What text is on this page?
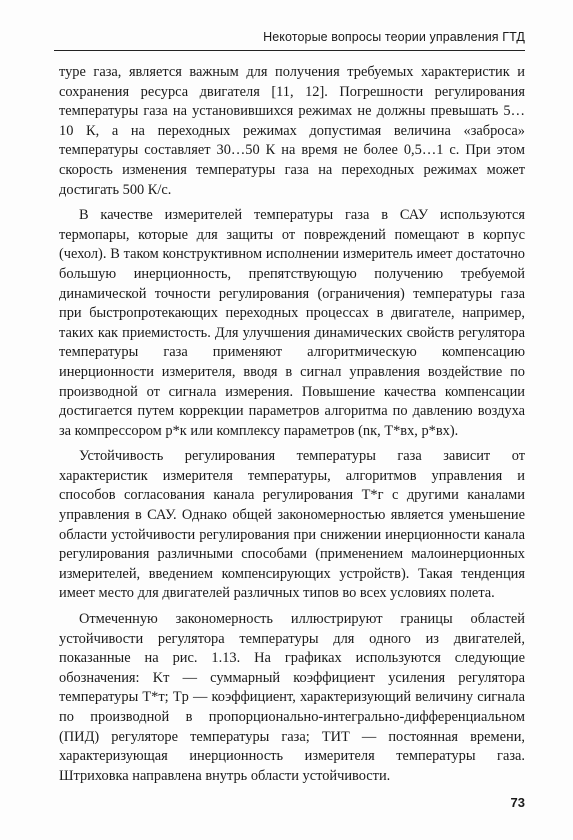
Некоторые вопросы теории управления ГТД

туре газа, является важным для получения требуемых характеристик и сохранения ресурса двигателя [11, 12]. Погрешности регулирования температуры газа на установившихся режимах не должны превышать 5…10 К, а на переходных режимах допустимая величина «заброса» температуры составляет 30…50 К на время не более 0,5…1 с. При этом скорость изменения температуры газа на переходных режимах может достигать 500 К/с.

В качестве измерителей температуры газа в САУ используются термопары, которые для защиты от повреждений помещают в корпус (чехол). В таком конструктивном исполнении измеритель имеет достаточно большую инерционность, препятствующую получению требуемой динамической точности регулирования (ограничения) температуры газа при быстропротекающих переходных процессах в двигателе, например, таких как приемистость. Для улучшения динамических свойств регулятора температуры газа применяют алгоритмическую компенсацию инерционности измерителя, вводя в сигнал управления воздействие по производной от сигнала измерения. Повышение качества компенсации достигается путем коррекции параметров алгоритма по давлению воздуха за компрессором p*к или комплексу параметров (nк, T*вх, p*вх).

Устойчивость регулирования температуры газа зависит от характеристик измерителя температуры, алгоритмов управления и способов согласования канала регулирования T*г с другими каналами управления в САУ. Однако общей закономерностью является уменьшение области устойчивости регулирования при снижении инерционности канала регулирования различными способами (применением малоинерционных измерителей, введением компенсирующих устройств). Такая тенденция имеет место для двигателей различных типов во всех условиях полета.

Отмеченную закономерность иллюстрируют границы областей устойчивости регулятора температуры для одного из двигателей, показанные на рис. 1.13. На графиках используются следующие обозначения: Kт — суммарный коэффициент усиления регулятора температуры T*т; Tр — коэффициент, характеризующий величину сигнала по производной в пропорционально-интегрально-дифференциальном (ПИД) регуляторе температуры газа; TИТ — постоянная времени, характеризующая инерционность измерителя температуры газа. Штриховка направлена внутрь области устойчивости.

73
